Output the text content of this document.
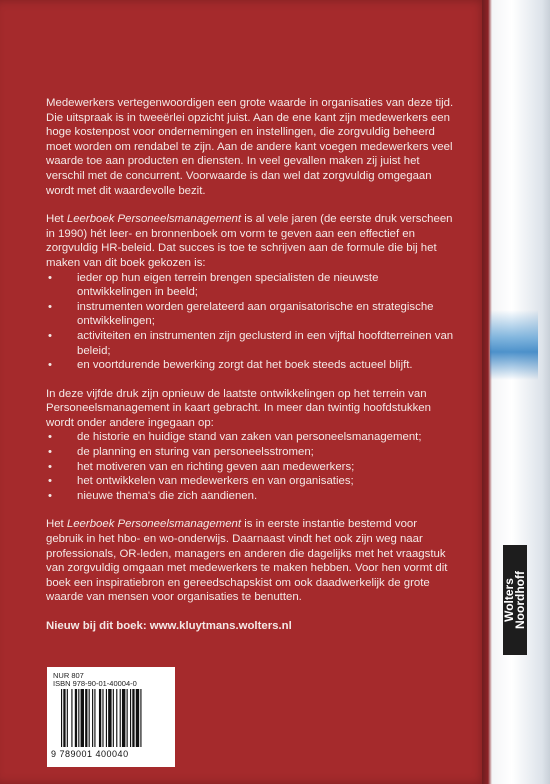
Medewerkers vertegenwoordigen een grote waarde in organisaties van deze tijd. Die uitspraak is in tweeërlei opzicht juist. Aan de ene kant zijn medewerkers een hoge kostenpost voor ondernemingen en instellingen, die zorgvuldig beheerd moet worden om rendabel te zijn. Aan de andere kant voegen medewerkers veel waarde toe aan producten en diensten. In veel gevallen maken zij juist het verschil met de concurrent. Voorwaarde is dan wel dat zorgvuldig omgegaan wordt met dit waardevolle bezit.

Het Leerboek Personeelsmanagement is al vele jaren (de eerste druk verscheen in 1990) hét leer- en bronnenboek om vorm te geven aan een effectief en zorgvuldig HR-beleid. Dat succes is toe te schrijven aan de formule die bij het maken van dit boek gekozen is:

• ieder op hun eigen terrein brengen specialisten de nieuwste ontwikkelingen in beeld;
• instrumenten worden gerelateerd aan organisatorische en strategische ontwikkelingen;
• activiteiten en instrumenten zijn geclusterd in een vijftal hoofdterreinen van beleid;
• en voortdurende bewerking zorgt dat het boek steeds actueel blijft.

In deze vijfde druk zijn opnieuw de laatste ontwikkelingen op het terrein van Personeelsmanagement in kaart gebracht. In meer dan twintig hoofdstukken wordt onder andere ingegaan op:

• de historie en huidige stand van zaken van personeelsmanagement;
• de planning en sturing van personeelsstromen;
• het motiveren van en richting geven aan medewerkers;
• het ontwikkelen van medewerkers en van organisaties;
• nieuwe thema's die zich aandienen.

Het Leerboek Personeelsmanagement is in eerste instantie bestemd voor gebruik in het hbo- en wo-onderwijs. Daarnaast vindt het ook zijn weg naar professionals, OR-leden, managers en anderen die dagelijks met het vraagstuk van zorgvuldig omgaan met medewerkers te maken hebben. Voor hen vormt dit boek een inspiratiebron en gereedschapskist om ook daadwerkelijk de grote waarde van mensen voor organisaties te benutten.

Nieuw bij dit boek: www.kluytmans.wolters.nl

NUR 807
ISBN 978-90-01-40004-0
9 789001 400040
Wolters
Noordhoff
